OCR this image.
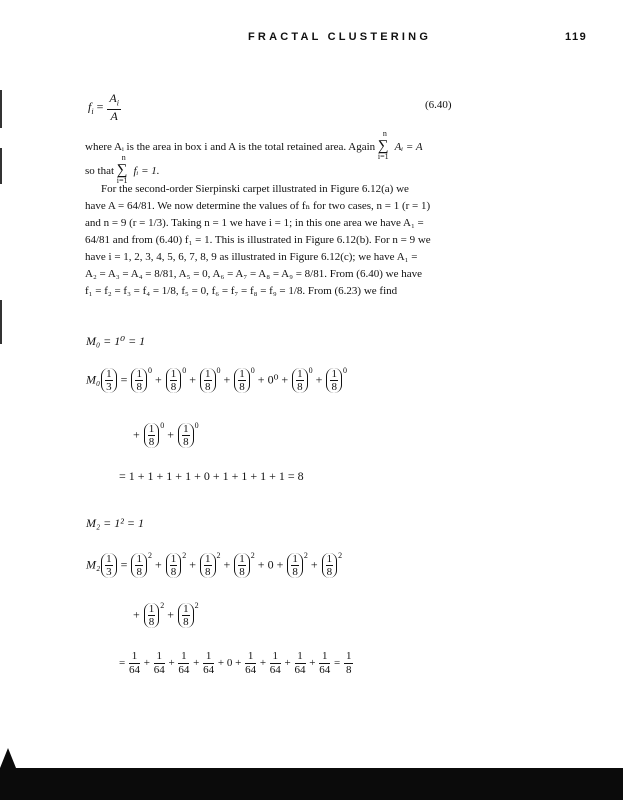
FRACTAL CLUSTERING	119
$f_i = \frac{A_i}{A}$	(6.40)
where Aᵢ is the area in box i and A is the total retained area. Again
n
∑
i=1
Aᵢ = A
so that
n
∑
i=1
fᵢ = 1.
For the second-order Sierpinski carpet illustrated in Figure 6.12(a) we
have A = 64/81. We now determine the values of fₙ for two cases, n = 1 (r = 1)
and n = 9 (r = 1/3). Taking n = 1 we have i = 1; in this one area we have A₁ =
64/81 and from (6.40) f₁ = 1. This is illustrated in Figure 6.12(b). For n = 9 we
have i = 1, 2, 3, 4, 5, 6, 7, 8, 9 as illustrated in Figure 6.12(c); we have A₁ =
A₂ = A₃ = A₄ = 8/81, A₅ = 0, A₆ = A₇ = A₈ = A₉ = 8/81. From (6.40) we have
f₁ = f₂ = f₃ = f₄ = 1/8, f₅ = 0, f₆ = f₇ = f₈ = f₉ = 1/8. From (6.23) we find
M₀ = 1⁰ = 1
$M_0 \frac{1}{3} = \frac{1}{8} ^0 + \frac{1}{8} ^0 + \frac{1}{8} ^0 + \frac{1}{8} ^0 + 0^0 + \frac{1}{8} ^0 + \frac{1}{8} ^0$
+ $\frac{1}{8} ^0 + \frac{1}{8} ^0$
= 1 + 1 + 1 + 1 + 0 + 1 + 1 + 1 + 1 = 8
M₂ = 1² = 1
$M_2 \frac{1}{3} = \frac{1}{8} ^2 + \frac{1}{8} ^2 + \frac{1}{8} ^2 + \frac{1}{8} ^2 + 0 + \frac{1}{8} ^2 + \frac{1}{8} ^2$
+ $\frac{1}{8} ^2 + \frac{1}{8} ^2$
= $\frac{1}{64} + \frac{1}{64} + \frac{1}{64} + \frac{1}{64} + 0 + \frac{1}{64} + \frac{1}{64} + \frac{1}{64} + \frac{1}{64} = \frac{1}{8}$
